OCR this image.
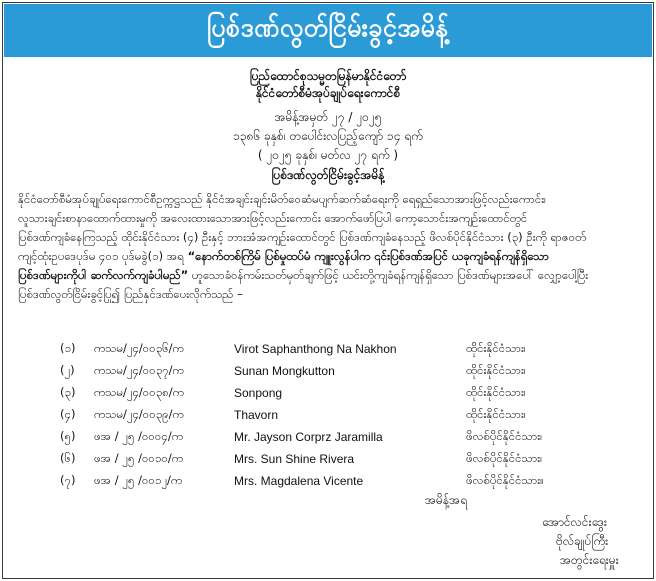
ပြစ်ဒဏ်လွတ်ငြိမ်းခွင့်အမိန့်
ပြည်ထောင်စုသမ္မတမြန်မာနိုင်ငံတော်
နိုင်ငံတော်စီမံအုပ်ချုပ်ရေးကောင်စီ
အမိန့်အမှတ် ၂၇ / ၂၀၂၅
၁၃၈၆ ခုနှစ်၊ တပေါင်းလပြည့်ကျော် ၁၄ ရက်
( ၂၀၂၅ ခုနှစ်၊ မတ်လ ၂၇ ရက် )
ပြစ်ဒဏ်လွတ်ငြိမ်းခွင့်အမိန့်
နိုင်ငံတော်စီမံအုပ်ချုပ်ရေးကောင်စီဥက္ကဋ္ဌသည် နိုင်ငံအချင်းချင်းမိတ်ဝေဆံမပျက်ဆက်ဆံရေးကို ရေရှည်သောအားဖြင့်လည်းကောင်း၊
လူသားချင်းစာနာထောက်ထားမှုကို အလေးထားသောအားဖြင့်လည်းကောင်း အောက်ဖော်ပြပါ ကော့သောင်းအကျဉ်းထောင်တွင်
ပြစ်ဒဏ်ကျခံနေကြသည့် ထိုင်းနိုင်ငံသား (၄) ဦးနှင့် ဘားအံအကျဉ်းထောင်တွင် ပြစ်ဒဏ်ကျခံနေသည့် ဖိလစ်ပိုင်နိုင်ငံသား (၃) ဦးကို ရာဇဝတ်
ကျင့်ထုံးဥပဒေပုဒ်မ ၄၀၁ ပုဒ်မခွဲ(၁) အရ “နောက်တစ်ကြိမ် ပြစ်မှုထပ်မံ ကျူးလွန်ပါက ၎င်းပြစ်ဒဏ်အပြင် ယခုကျခံရန်ကျန်ရှိသော
ပြစ်ဒဏ်များကိုပါ ဆက်လက်ကျခံပါမည်” ဟူသောခံဝန်ကမ်းသတ်မှတ်ချက်ဖြင့် ယင်းတို့ကျခံရန်ကျန်ရှိသော ပြစ်ဒဏ်များအပေါ် လျှော့ပေါ့ပြီး
ပြစ်ဒဏ်လွတ်ငြိမ်းခွင့်ပြု၍ ပြည်နှင်ဒဏ်ပေးလိုက်သည် –
(၁)	ကသမ/၂၄/၀၀၃၆/က	Virot Saphanthong Na Nakhon	ထိုင်းနိုင်ငံသား၊
(၂)	ကသမ/၂၄/၀၀၃၇/က	Sunan Mongkutton	ထိုင်းနိုင်ငံသား၊
(၃)	ကသမ/၂၄/၀၀၃၈/က	Sonpong	ထိုင်းနိုင်ငံသား၊
(၄)	ကသမ/၂၄/၀၀၃၉/က	Thavorn	ထိုင်းနိုင်ငံသား၊
(၅)	ဖအ / ၂၅ /၀၀၀၄/က	Mr. Jayson Corprz Jaramilla	ဖိလစ်ပိုင်နိုင်ငံသား၊
(၆)	ဖအ / ၂၅ /၀၀၁၀/က	Mrs. Sun Shine Rivera	ဖိလစ်ပိုင်နိုင်ငံသား၊
(၇)	ဖအ / ၂၅ /၀၀၁၂/က	Mrs. Magdalena Vicente	ဖိလစ်ပိုင်နိုင်ငံသား။
အမိန့်အရ
အောင်လင်းဒွေး
ဗိုလ်ချုပ်ကြီး
အတွင်းရေးမှူး
